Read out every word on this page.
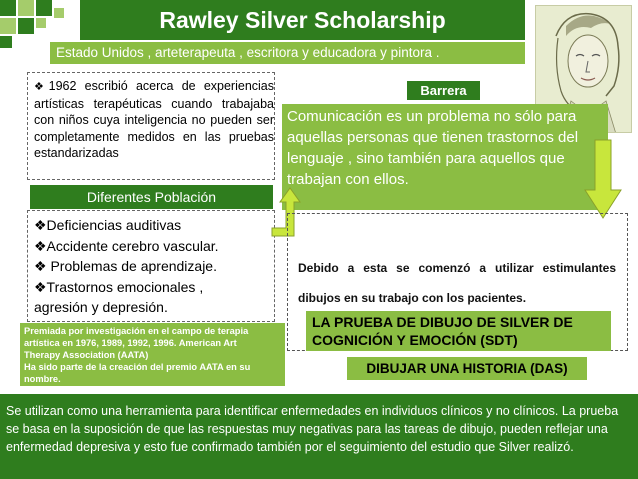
Rawley Silver Scholarship
Estado Unidos , arteterapeuta , escritora y educadora y pintora .
❖1962 escribió acerca de experiencias artísticas terapéuticas cuando trabajaba con niños cuya inteligencia no pueden ser completamente medidos en las pruebas estandarizadas
Diferentes Población
❖Deficiencias auditivas
❖Accidente cerebro vascular.
❖ Problemas de aprendizaje.
❖Trastornos emocionales ,
agresión y depresión.
Barrera
Comunicación es un problema no sólo para aquellas personas que tienen trastornos del lenguaje , sino también para aquellos que trabajan con ellos.
Debido a esta se comenzó a utilizar estimulantes dibujos en su trabajo con los pacientes.
LA PRUEBA DE DIBUJO DE SILVER DE COGNICIÓN Y EMOCIÓN (SDT)
DIBUJAR UNA HISTORIA (DAS)
Premiada por investigación en el campo de terapia
artística en 1976, 1989, 1992, 1996. American Art
Therapy Association (AATA)
Ha sido parte de la creación del premio AATA en su
nombre.
Se utilizan como una herramienta para identificar enfermedades en individuos clínicos y no clínicos. La prueba se basa en la suposición de que las respuestas muy negativas para las tareas de dibujo, pueden reflejar una enfermedad depresiva y esto fue confirmado también por el seguimiento del estudio que Silver realizó.
